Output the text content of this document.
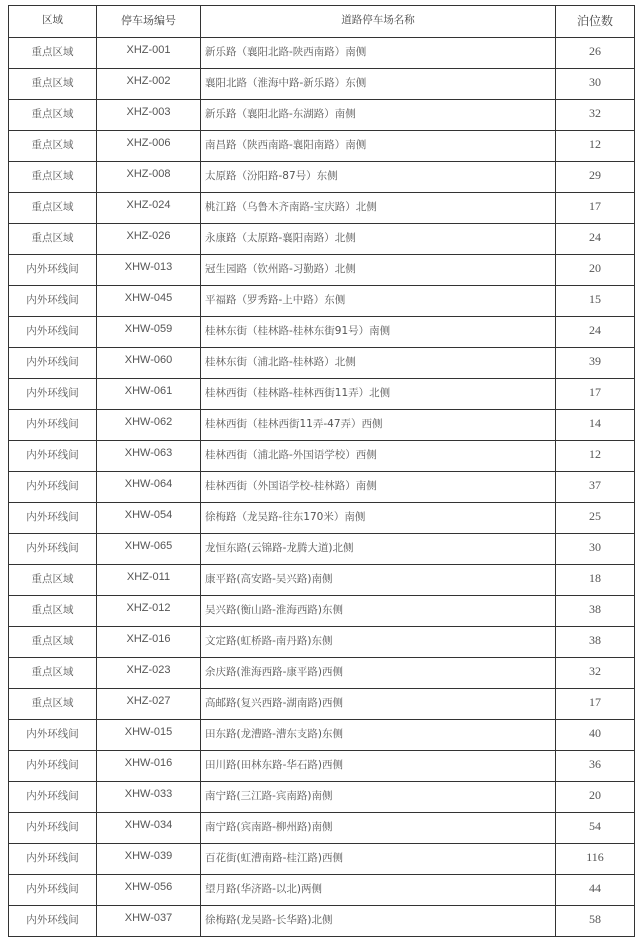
区域	停车场编号	道路停车场名称	泊位数
重点区域	XHZ-001	新乐路（襄阳北路-陕西南路）南侧	26
重点区域	XHZ-002	襄阳北路（淮海中路-新乐路）东侧	30
重点区域	XHZ-003	新乐路（襄阳北路-东湖路）南侧	32
重点区域	XHZ-006	南昌路（陕西南路-襄阳南路）南侧	12
重点区域	XHZ-008	太原路（汾阳路-87号）东侧	29
重点区域	XHZ-024	桃江路（乌鲁木齐南路-宝庆路）北侧	17
重点区域	XHZ-026	永康路（太原路-襄阳南路）北侧	24
内外环线间	XHW-013	冠生园路（钦州路-习勤路）北侧	20
内外环线间	XHW-045	平福路（罗秀路-上中路）东侧	15
内外环线间	XHW-059	桂林东街（桂林路-桂林东街91号）南侧	24
内外环线间	XHW-060	桂林东街（浦北路-桂林路）北侧	39
内外环线间	XHW-061	桂林西街（桂林路-桂林西街11弄）北侧	17
内外环线间	XHW-062	桂林西街（桂林西街11弄-47弄）西侧	14
内外环线间	XHW-063	桂林西街（浦北路-外国语学校）西侧	12
内外环线间	XHW-064	桂林西街（外国语学校-桂林路）南侧	37
内外环线间	XHW-054	徐梅路（龙吴路-往东170米）南侧	25
内外环线间	XHW-065	龙恒东路(云锦路-龙腾大道)北侧	30
重点区域	XHZ-011	康平路(高安路-吴兴路)南侧	18
重点区域	XHZ-012	吴兴路(衡山路-淮海西路)东侧	38
重点区域	XHZ-016	文定路(虹桥路-南丹路)东侧	38
重点区域	XHZ-023	余庆路(淮海西路-康平路)西侧	32
重点区域	XHZ-027	高邮路(复兴西路-湖南路)西侧	17
内外环线间	XHW-015	田东路(龙漕路-漕东支路)东侧	40
内外环线间	XHW-016	田川路(田林东路-华石路)西侧	36
内外环线间	XHW-033	南宁路(三江路-宾南路)南侧	20
内外环线间	XHW-034	南宁路(宾南路-柳州路)南侧	54
内外环线间	XHW-039	百花街(虹漕南路-桂江路)西侧	116
内外环线间	XHW-056	望月路(华济路-以北)两侧	44
内外环线间	XHW-037	徐梅路(龙吴路-长华路)北侧	58
